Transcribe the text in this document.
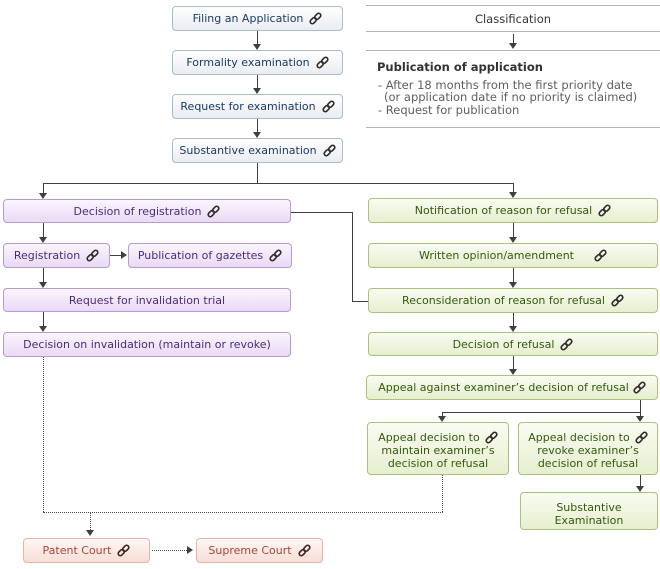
Filing an Application
Formality examination
Request for examination
Substantive examination
Classification
Publication of application
- After 18 months from the first priority date
(or application date if no priority is claimed)
- Request for publication
Decision of registration
Registration	Publication of gazettes
Request for invalidation trial
Decision on invalidation (maintain or revoke)
Notification of reason for refusal
Written opinion/amendment
Reconsideration of reason for refusal
Decision of refusal
Appeal against examiner’s decision of refusal
Appeal decision to
maintain examiner’s
decision of refusal
Appeal decision to
revoke examiner’s
decision of refusal
Substantive
Examination
Patent Court	Supreme Court
